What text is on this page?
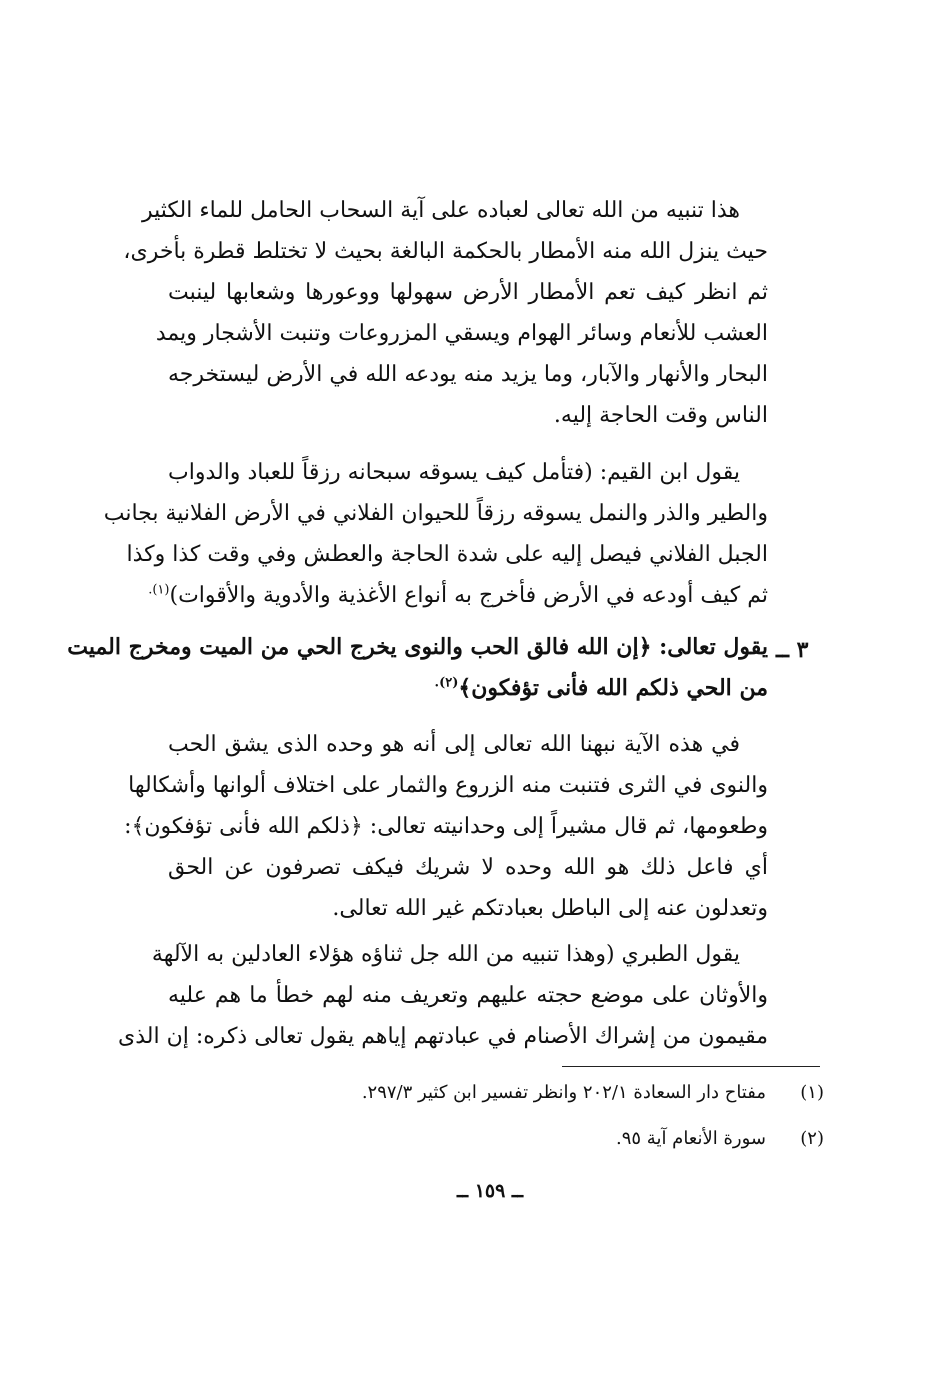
هذا تنبيه من الله تعالى لعباده على آية السحاب الحامل للماء الكثير
حيث ينزل الله منه الأمطار بالحكمة البالغة بحيث لا تختلط قطرة بأخرى،
ثم انظر كيف تعم الأمطار الأرض سهولها ووعورها وشعابها لينبت
العشب للأنعام وسائر الهوام ويسقي المزروعات وتنبت الأشجار ويمد
البحار والأنهار والآبار، وما يزيد منه يودعه الله في الأرض ليستخرجه
الناس وقت الحاجة إليه.
يقول ابن القيم: (فتأمل كيف يسوقه سبحانه رزقاً للعباد والدواب
والطير والذر والنمل يسوقه رزقاً للحيوان الفلاني في الأرض الفلانية بجانب
الجبل الفلاني فيصل إليه على شدة الحاجة والعطش وفي وقت كذا وكذا
ثم كيف أودعه في الأرض فأخرج به أنواع الأغذية والأدوية والأقوات)$^{(١).}$
٣ ــ
يقول تعالى: ﴿إن الله فالق الحب والنوى يخرج الحي من الميت ومخرج الميت
من الحي ذلكم الله فأنى تؤفكون﴾$^{(٢).}$
في هذه الآية نبهنا الله تعالى إلى أنه هو وحده الذى يشق الحب
والنوى في الثرى فتنبت منه الزروع والثمار على اختلاف ألوانها وأشكالها
وطعومها، ثم قال مشيراً إلى وحدانيته تعالى: ﴿ذلكم الله فأنى تؤفكون﴾:
أي فاعل ذلك هو الله وحده لا شريك فيكف تصرفون عن الحق
وتعدلون عنه إلى الباطل بعبادتكم غير الله تعالى.
يقول الطبري (وهذا تنبيه من الله جل ثناؤه هؤلاء العادلين به الآلهة
والأوثان على موضع حجته عليهم وتعريف منه لهم خطأ ما هم عليه
مقيمون من إشراك الأصنام في عبادتهم إياهم يقول تعالى ذكره: إن الذى
(١)مفتاح دار السعادة ٢٠٢/١ وانظر تفسير ابن كثير ٢٩٧/٣.
(٢)سورة الأنعام آية ٩٥.
ــ ١٥٩ ــ
